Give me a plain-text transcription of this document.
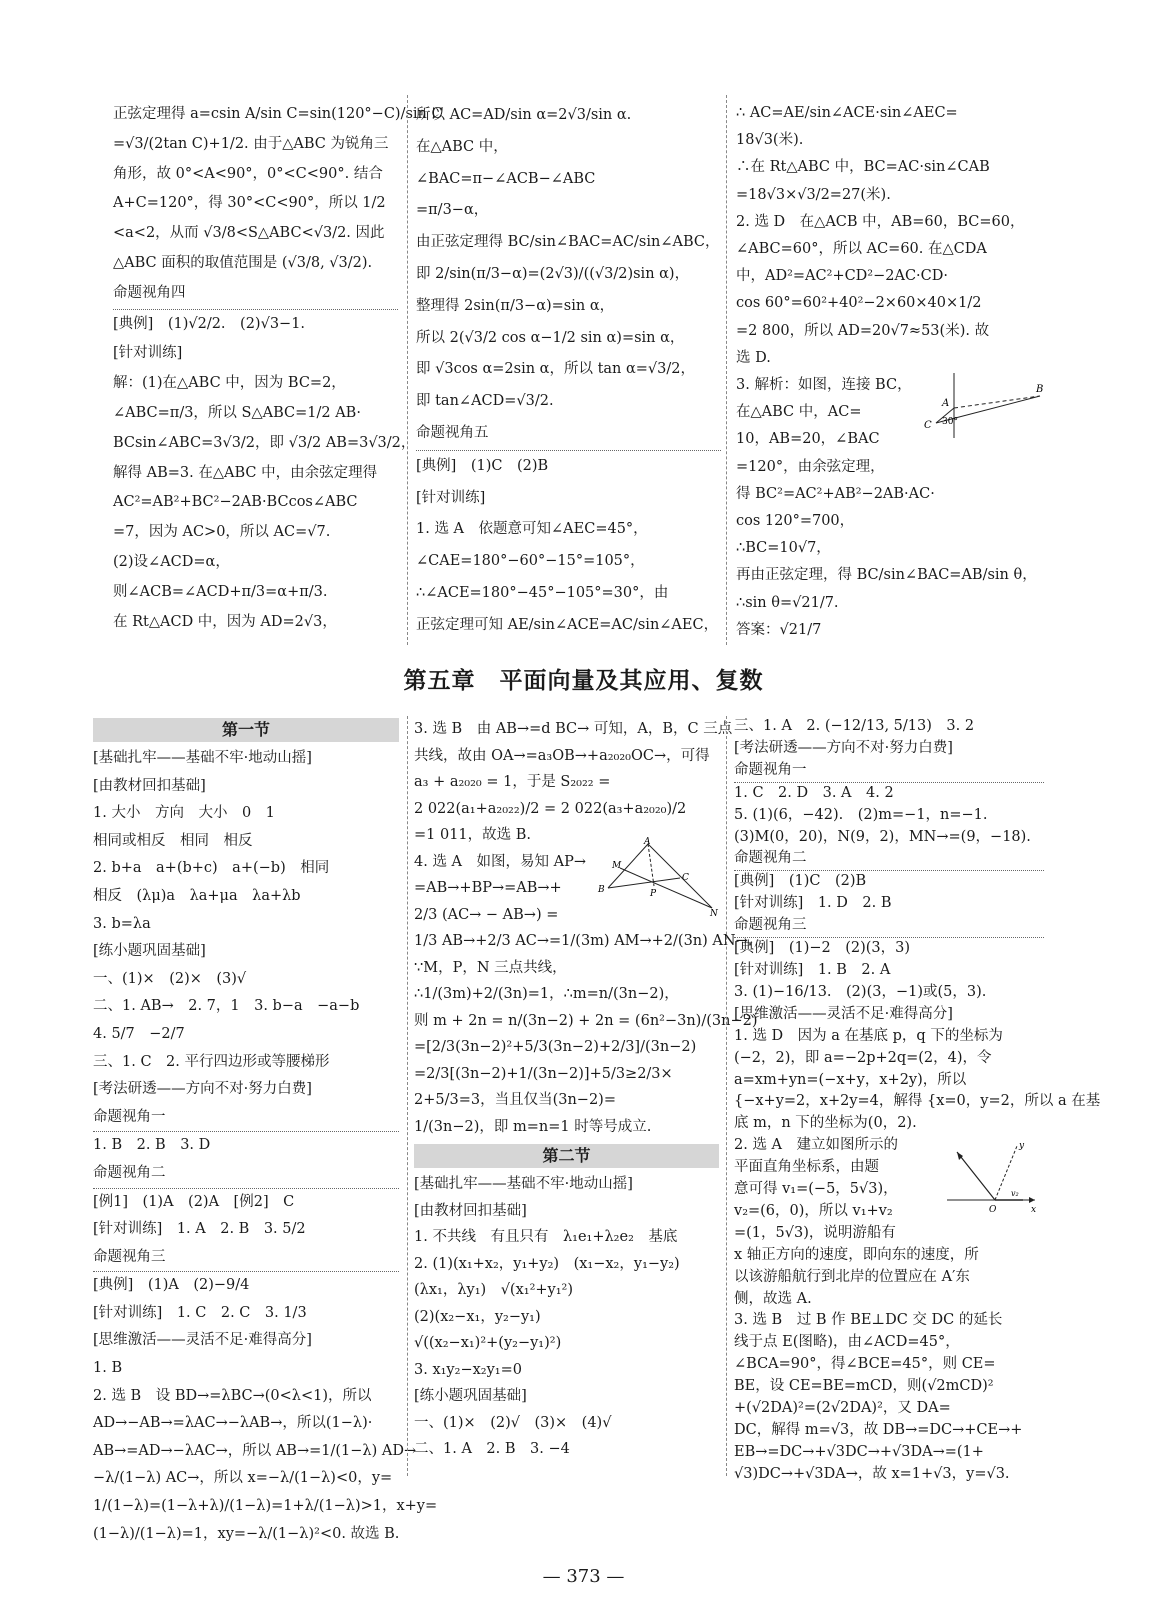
正弦定理得 a=csin A/sin C=sin(120°−C)/sin C
=√3/(2tan C)+1/2. 由于△ABC 为锐角三
角形，故 0°<A<90°，0°<C<90°. 结合
A+C=120°，得 30°<C<90°，所以 1/2
<a<2，从而 √3/8<S△ABC<√3/2. 因此
△ABC 面积的取值范围是 (√3/8, √3/2).
命题视角四
[典例]　(1)√2/2.　(2)√3−1.
[针对训练]
解：(1)在△ABC 中，因为 BC=2，
∠ABC=π/3，所以 S△ABC=1/2 AB·
BCsin∠ABC=3√3/2，即 √3/2 AB=3√3/2，
解得 AB=3. 在△ABC 中，由余弦定理得
AC²=AB²+BC²−2AB·BCcos∠ABC
=7，因为 AC>0，所以 AC=√7.
(2)设∠ACD=α，
则∠ACB=∠ACD+π/3=α+π/3.
在 Rt△ACD 中，因为 AD=2√3，
所以 AC=AD/sin α=2√3/sin α.
在△ABC 中，
∠BAC=π−∠ACB−∠ABC
=π/3−α，
由正弦定理得 BC/sin∠BAC=AC/sin∠ABC，
即 2/sin(π/3−α)=(2√3)/((√3/2)sin α)，
整理得 2sin(π/3−α)=sin α，
所以 2(√3/2 cos α−1/2 sin α)=sin α，
即 √3cos α=2sin α，所以 tan α=√3/2，
即 tan∠ACD=√3/2.
命题视角五
[典例]　(1)C　(2)B
[针对训练]
1. 选 A　依题意可知∠AEC=45°，
∠CAE=180°−60°−15°=105°，
∴∠ACE=180°−45°−105°=30°，由
正弦定理可知 AE/sin∠ACE=AC/sin∠AEC，
∴ AC=AE/sin∠ACE·sin∠AEC=
18√3(米).
∴在 Rt△ABC 中，BC=AC·sin∠CAB
=18√3×√3/2=27(米).
2. 选 D　在△ACB 中，AB=60，BC=60，
∠ABC=60°，所以 AC=60. 在△CDA
中，AD²=AC²+CD²−2AC·CD·
cos 60°=60²+40²−2×60×40×1/2
=2 800，所以 AD=20√7≈53(米). 故
选 D.
3. 解析：如图，连接 BC，
在△ABC 中，AC=
10，AB=20，∠BAC
=120°，由余弦定理，
得 BC²=AC²+AB²−2AB·AC·
cos 120°=700，
∴BC=10√7，
再由正弦定理，得 BC/sin∠BAC=AB/sin θ，
∴sin θ=√21/7.
答案：√21/7
A
B
C 30°
第五章　平面向量及其应用、复数
第一节
[基础扎牢——基础不牢·地动山摇]
[由教材回扣基础]
1. 大小　方向　大小　0　1
相同或相反　相同　相反
2. b+a　a+(b+c)　a+(−b)　相同
相反　(λμ)a　λa+μa　λa+λb
3. b=λa
[练小题巩固基础]
一、(1)×　(2)×　(3)√
二、1. AB→　2. 7，1　3. b−a　−a−b
4. 5/7　−2/7
三、1. C　2. 平行四边形或等腰梯形
[考法研透——方向不对·努力白费]
命题视角一
1. B　2. B　3. D
命题视角二
[例1]　(1)A　(2)A　[例2]　C
[针对训练]　1. A　2. B　3. 5/2
命题视角三
[典例]　(1)A　(2)−9/4
[针对训练]　1. C　2. C　3. 1/3
[思维激活——灵活不足·难得高分]
1. B
2. 选 B　设 BD→=λBC→(0<λ<1)，所以
AD→−AB→=λAC→−λAB→，所以(1−λ)·
AB→=AD→−λAC→，所以 AB→=1/(1−λ) AD→
−λ/(1−λ) AC→，所以 x=−λ/(1−λ)<0，y=
1/(1−λ)=(1−λ+λ)/(1−λ)=1+λ/(1−λ)>1，x+y=
(1−λ)/(1−λ)=1，xy=−λ/(1−λ)²<0. 故选 B.
3. 选 B　由 AB→=d BC→ 可知，A，B，C 三点
共线，故由 OA→=a₃OB→+a₂₀₂₀OC→，可得
a₃ + a₂₀₂₀ = 1，于是 S₂₀₂₂ =
2 022(a₁+a₂₀₂₂)/2 = 2 022(a₃+a₂₀₂₀)/2
=1 011，故选 B.
4. 选 A　如图，易知 AP→
=AB→+BP→=AB→+
2/3 (AC→ − AB→) =
1/3 AB→+2/3 AC→=1/(3m) AM→+2/(3n) AN→.
∵M，P，N 三点共线，
∴1/(3m)+2/(3n)=1，∴m=n/(3n−2)，
则 m + 2n = n/(3n−2) + 2n = (6n²−3n)/(3n−2)
=[2/3(3n−2)²+5/3(3n−2)+2/3]/(3n−2)
=2/3[(3n−2)+1/(3n−2)]+5/3≥2/3×
2+5/3=3，当且仅当(3n−2)=
1/(3n−2)，即 m=n=1 时等号成立.
第二节
[基础扎牢——基础不牢·地动山摇]
[由教材回扣基础]
1. 不共线　有且只有　λ₁e₁+λ₂e₂　基底
2. (1)(x₁+x₂，y₁+y₂)　(x₁−x₂，y₁−y₂)
(λx₁，λy₁)　√(x₁²+y₁²)
(2)(x₂−x₁，y₂−y₁)
√((x₂−x₁)²+(y₂−y₁)²)
3. x₁y₂−x₂y₁=0
[练小题巩固基础]
一、(1)×　(2)√　(3)×　(4)√
二、1. A　2. B　3. −4
三、1. A　2. (−12/13, 5/13)　3. 2
[考法研透——方向不对·努力白费]
命题视角一
1. C　2. D　3. A　4. 2
5. (1)(6，−42).　(2)m=−1，n=−1.
(3)M(0，20)，N(9，2)，MN→=(9，−18).
命题视角二
[典例]　(1)C　(2)B
[针对训练]　1. D　2. B
命题视角三
[典例]　(1)−2　(2)(3，3)
[针对训练]　1. B　2. A
3. (1)−16/13.　(2)(3，−1)或(5，3).
[思维激活——灵活不足·难得高分]
1. 选 D　因为 a 在基底 p，q 下的坐标为
(−2，2)，即 a=−2p+2q=(2，4)，令
a=xm+yn=(−x+y，x+2y)，所以
{−x+y=2，x+2y=4，解得 {x=0，y=2，所以 a 在基
底 m，n 下的坐标为(0，2).
2. 选 A　建立如图所示的
平面直角坐标系，由题
意可得 v₁=(−5，5√3)，
v₂=(6，0)，所以 v₁+v₂
=(1，5√3)，说明游船有
x 轴正方向的速度，即向东的速度，所
以该游船航行到北岸的位置应在 A′东
侧，故选 A.
3. 选 B　过 B 作 BE⊥DC 交 DC 的延长
线于点 E(图略)，由∠ACD=45°，
∠BCA=90°，得∠BCE=45°，则 CE=
BE，设 CE=BE=mCD，则(√2mCD)²
+(√2DA)²=(2√2DA)²，又 DA=
DC，解得 m=√3，故 DB→=DC→+CE→+
EB→=DC→+√3DC→+√3DA→=(1+
√3)DC→+√3DA→，故 x=1+√3，y=√3.
A
M
B	P
C
N
y
O	x
v₂
— 373 —
